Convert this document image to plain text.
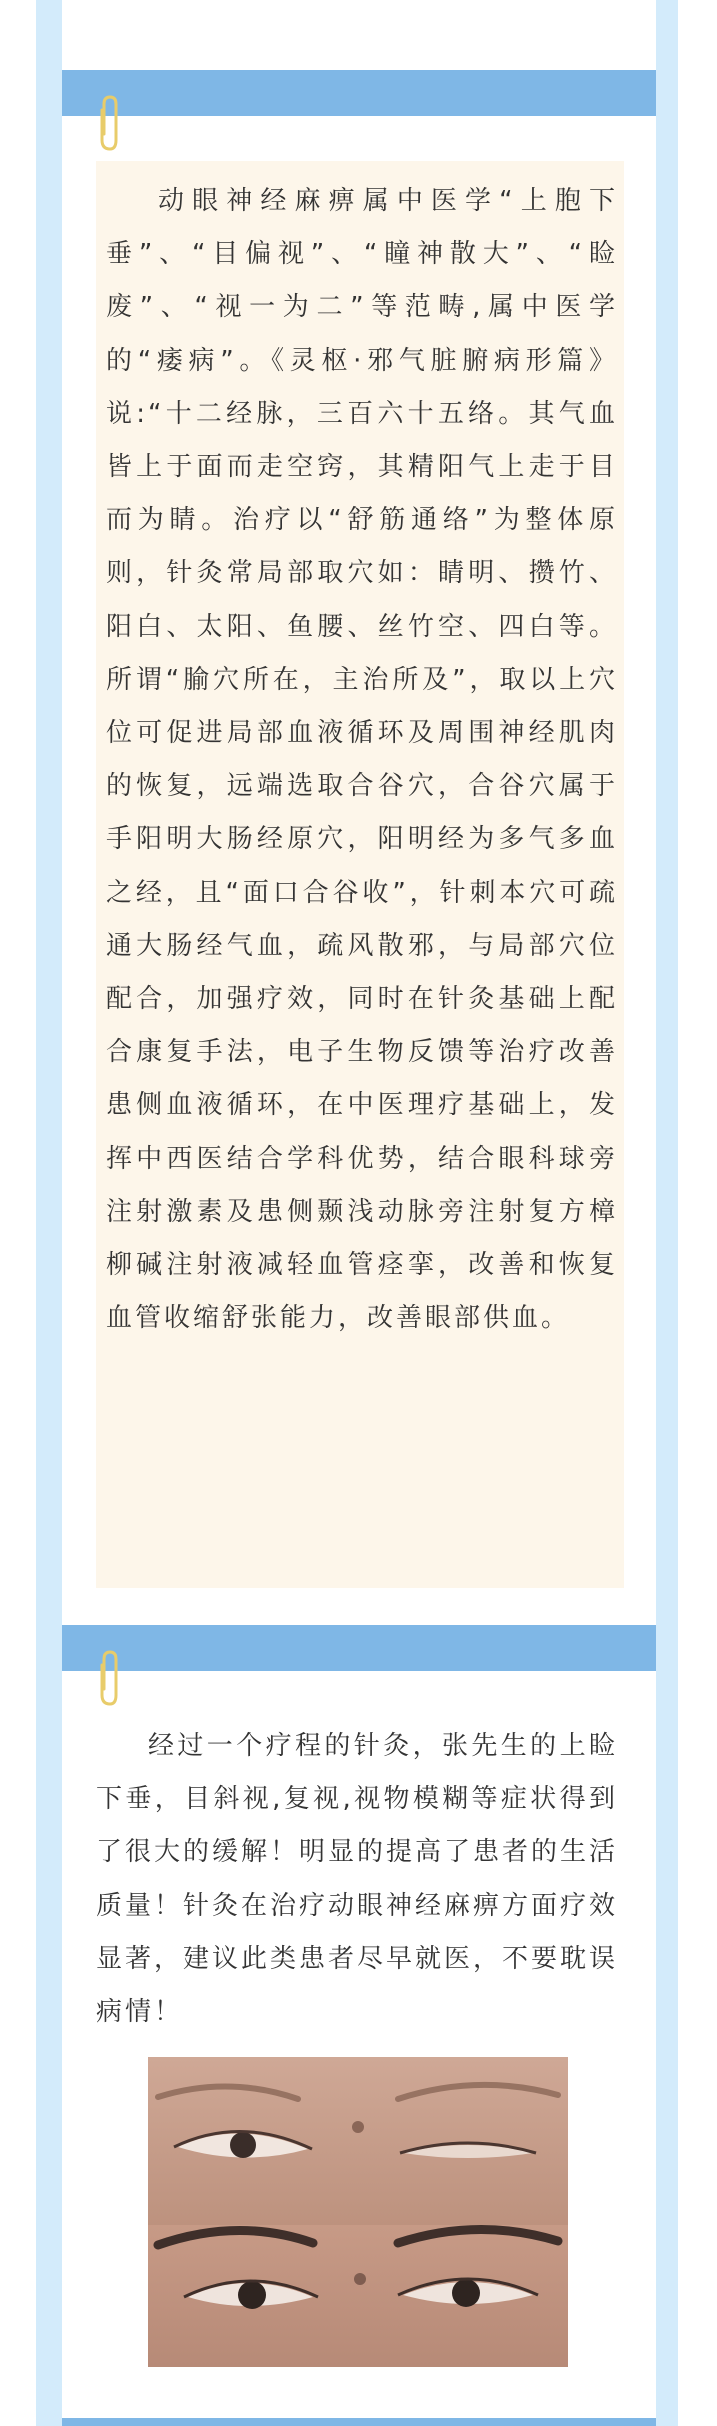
动眼神经麻痹属中医学“上胞下垂”、“目偏视”、“瞳神散大”、“睑废”、“视一为二”等范畴,属中医学的“痿病”。《灵枢·邪气脏腑病形篇》说:“十二经脉，三百六十五络。其气血皆上于面而走空窍，其精阳气上走于目而为睛。治疗以“舒筋通络”为整体原则，针灸常局部取穴如：睛明、攒竹、阳白、太阳、鱼腰、丝竹空、四白等。所谓“腧穴所在，主治所及”，取以上穴位可促进局部血液循环及周围神经肌肉的恢复，远端选取合谷穴，合谷穴属于手阳明大肠经原穴，阳明经为多气多血之经，且“面口合谷收”，针刺本穴可疏通大肠经气血，疏风散邪，与局部穴位配合，加强疗效，同时在针灸基础上配合康复手法，电子生物反馈等治疗改善患侧血液循环，在中医理疗基础上，发挥中西医结合学科优势，结合眼科球旁注射激素及患侧颞浅动脉旁注射复方樟柳碱注射液减轻血管痉挛，改善和恢复血管收缩舒张能力，改善眼部供血。

经过一个疗程的针灸，张先生的上睑下垂，目斜视,复视,视物模糊等症状得到了很大的缓解！明显的提高了患者的生活质量！针灸在治疗动眼神经麻痹方面疗效显著，建议此类患者尽早就医，不要耽误病情！
